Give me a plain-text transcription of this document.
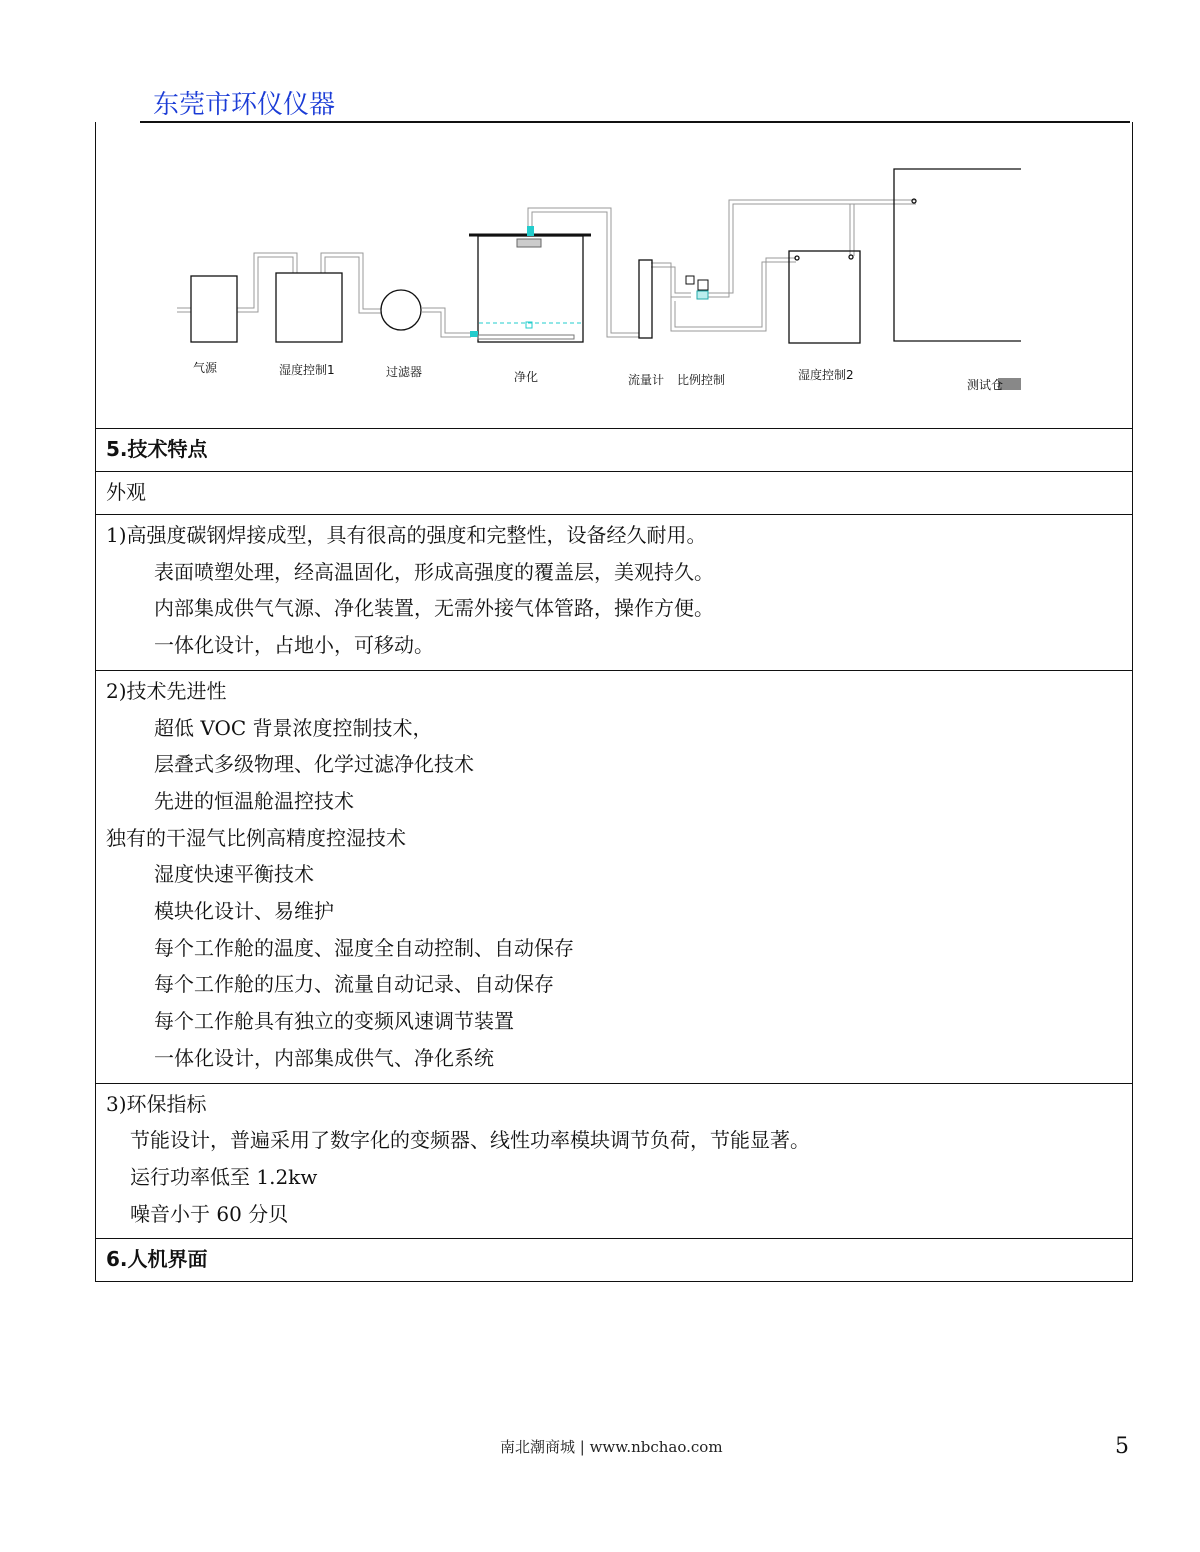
东莞市环仪仪器
气源	湿度控制1	过滤器	净化	流量计 比例控制	湿度控制2
测试仓
5.技术特点
外观
1)高强度碳钢焊接成型，具有很高的强度和完整性，设备经久耐用。
表面喷塑处理，经高温固化，形成高强度的覆盖层，美观持久。
内部集成供气气源、净化装置，无需外接气体管路，操作方便。
一体化设计，占地小，可移动。
2)技术先进性
超低 VOC 背景浓度控制技术，
层叠式多级物理、化学过滤净化技术
先进的恒温舱温控技术
独有的干湿气比例高精度控湿技术
湿度快速平衡技术
模块化设计、易维护
每个工作舱的温度、湿度全自动控制、自动保存
每个工作舱的压力、流量自动记录、自动保存
每个工作舱具有独立的变频风速调节装置
一体化设计，内部集成供气、净化系统
3)环保指标
节能设计，普遍采用了数字化的变频器、线性功率模块调节负荷，节能显著。
运行功率低至 1.2kw
噪音小于 60 分贝
6.人机界面
南北潮商城 | www.nbchao.com	5
